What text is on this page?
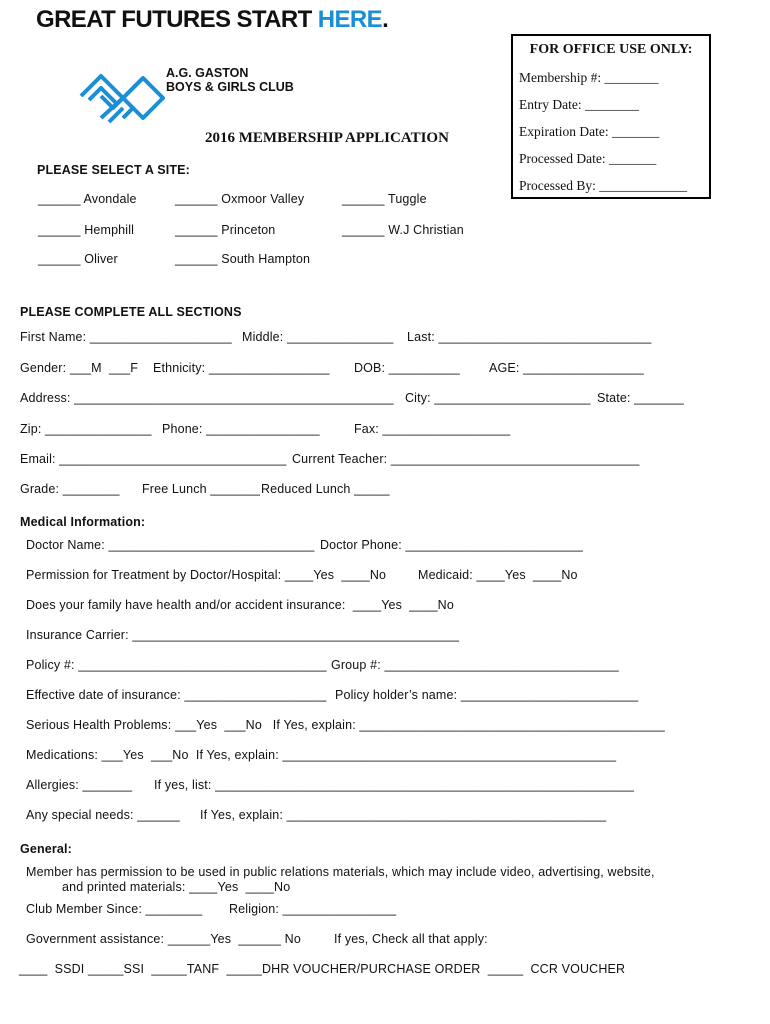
GREAT FUTURES START HERE.

A.G. GASTON
BOYS & GIRLS CLUB

FOR OFFICE USE ONLY:

Membership #: ________

Entry Date: ________

Expiration Date: _______

Processed Date: _______

Processed By: _____________

2016 MEMBERSHIP APPLICATION
PLEASE SELECT A SITE:
______ Avondale	______ Oxmoor Valley	______ Tuggle
______ Hemphill	______ Princeton	______ W.J Christian
______ Oliver	______ South Hampton
PLEASE COMPLETE ALL SECTIONS
First Name: ____________________ Middle: _______________ Last: ______________________________
Gender: ___M  ___F Ethnicity: _________________ DOB: __________ AGE: _________________
Address: _____________________________________________ City: ______________________ State: _______
Zip: _______________ Phone: ________________	Fax: __________________
Email: ________________________________ Current Teacher: ___________________________________
Grade: ________ Free Lunch _______ Reduced Lunch _____
Medical Information:
Doctor Name: _____________________________ Doctor Phone: _________________________
Permission for Treatment by Doctor/Hospital: ____Yes  ____No	Medicaid: ____Yes  ____No
Does your family have health and/or accident insurance:  ____Yes  ____No
Insurance Carrier: ______________________________________________
Policy #: ___________________________________ Group #: _________________________________
Effective date of insurance: ____________________ Policy holder’s name: _________________________
Serious Health Problems: ___Yes  ___No   If Yes, explain: ___________________________________________
Medications: ___Yes  ___No  If Yes, explain: _______________________________________________
Allergies: _______ If yes, list: ___________________________________________________________
Any special needs: ______ If Yes, explain: _____________________________________________
General:
Member has permission to be used in public relations materials, which may include video, advertising, website,
and printed materials: ____Yes  ____No
Club Member Since: ________ Religion: ________________
Government assistance: ______Yes  ______ No	If yes, Check all that apply:
____  SSDI _____SSI  _____TANF  _____DHR VOUCHER/PURCHASE ORDER  _____  CCR VOUCHER
